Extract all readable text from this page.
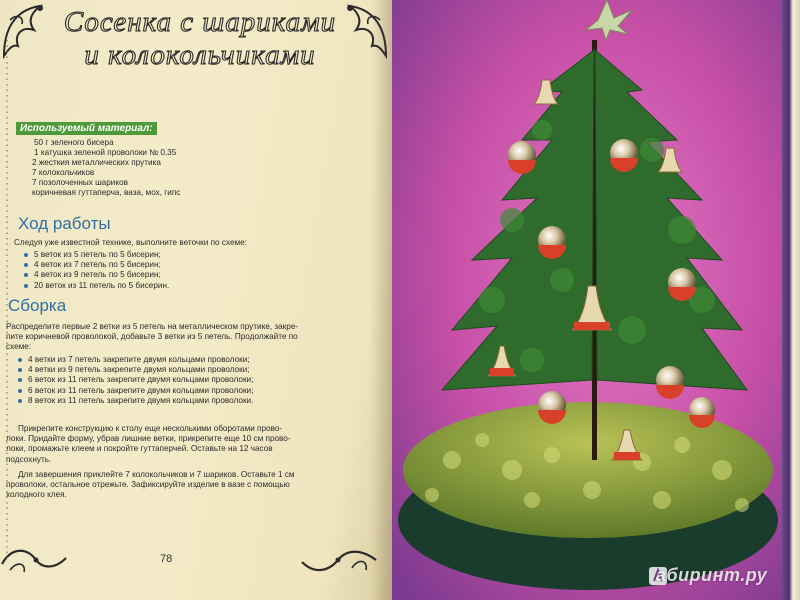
Сосенка с шариками
и колокольчиками
Используемый материал:
50 г зеленого бисера
1 катушка зеленой проволоки № 0,35
2 жесткия металлических прутика
7 колокольчиков
7 позолоченных шариков
коричневая гуттаперча, ваза, мох, гипс
Ход работы
Следуя уже известной технике, выполните веточки по схеме:
5 веток из 5 петель по 5 бисерин;
4 веток из 7 петель по 5 бисерин;
4 веток из 9 петель по 5 бисерин;
20 веток из 11 петель по 5 бисерин.
Сборка
Распределите первые 2 ветки из 5 петель на металлическом прутике, закре-
пите коричневой проволокой, добавьте 3 ветки из 5 петель. Продолжайте по
схеме:
4 ветки из 7 петель закрепите двумя кольцами проволоки;
4 ветки из 9 петель закрепите двумя кольцами проволоки;
6 веток из 11 петель закрепите двумя кольцами проволоки;
6 веток из 11 петель закрепите двумя кольцами проволоки;
8 веток из 11 петель закрепите двумя кольцами проволоки.
Прикрепите конструкцию к столу еще несколькими оборотами прово-
локи. Придайте форму, убрав лишние ветки, прикрепите еще 10 см прово-
локи, промажьте клеем и покройте гуттаперчей. Оставьте на 12 часов
подсохнуть.
Для завершения приклейте 7 колокольчиков и 7 шариков. Оставьте 1 см
проволоки, остальное отрежьте. Зафиксируйте изделие в вазе с помощью
холодного клея.
78
абиринт.ру
